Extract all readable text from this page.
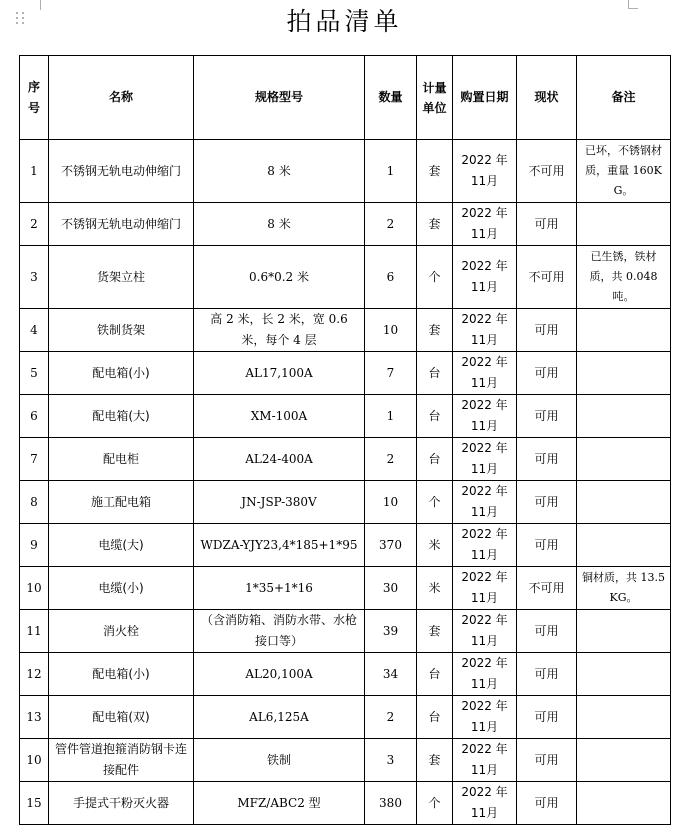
拍品清单
序号	名称	规格型号	数量	计量单位	购置日期	现状	备注
1	不锈钢无轨电动伸缩门	8 米	1	套	2022 年 11月	不可用	已坏，不锈钢材质，重量 160KG。
2	不锈钢无轨电动伸缩门	8 米	2	套	2022 年 11月	可用	
3	货架立柱	0.6*0.2 米	6	个	2022 年 11月	不可用	已生锈，铁材质，共 0.048 吨。
4	铁制货架	高 2 米，长 2 米，宽 0.6 米，每个 4 层	10	套	2022 年 11月	可用	
5	配电箱(小)	AL17,100A	7	台	2022 年 11月	可用	
6	配电箱(大)	XM-100A	1	台	2022 年 11月	可用	
7	配电柜	AL24-400A	2	台	2022 年 11月	可用	
8	施工配电箱	JN-JSP-380V	10	个	2022 年 11月	可用	
9	电缆(大)	WDZA-YJY23,4*185+1*95	370	米	2022 年 11月	可用	
10	电缆(小)	1*35+1*16	30	米	2022 年 11月	不可用	铜材质，共 13.5KG。
11	消火栓	（含消防箱、消防水带、水枪接口等）	39	套	2022 年 11月	可用	
12	配电箱(小)	AL20,100A	34	台	2022 年 11月	可用	
13	配电箱(双)	AL6,125A	2	台	2022 年 11月	可用	
10	管件管道抱箍消防钢卡连接配件	铁制	3	套	2022 年 11月	可用	
15	手提式干粉灭火器	MFZ/ABC2 型	380	个	2022 年 11月	可用	
